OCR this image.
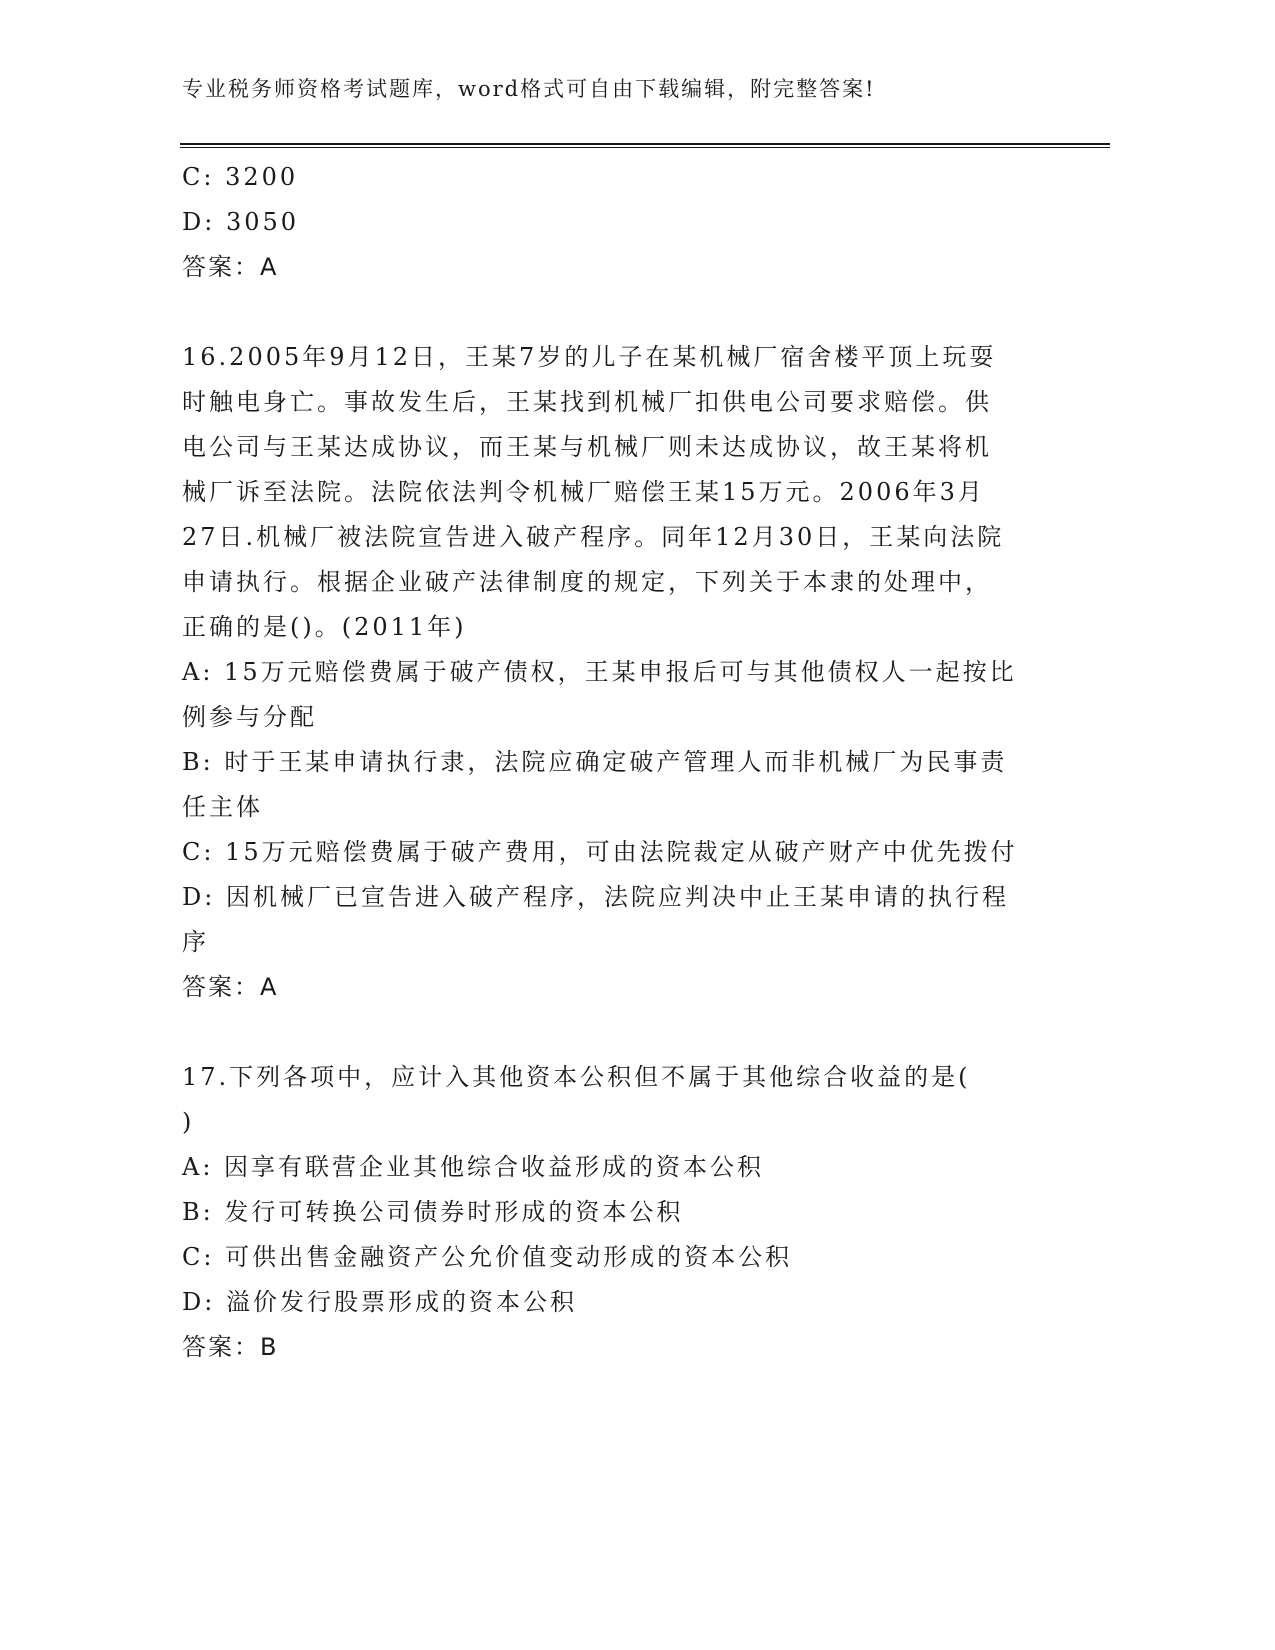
专业税务师资格考试题库，word格式可自由下载编辑，附完整答案!
C: 3200
D: 3050
答案：A
16.2005年9月12日，王某7岁的儿子在某机械厂宿舍楼平顶上玩耍
时触电身亡。事故发生后，王某找到机械厂扣供电公司要求赔偿。供
电公司与王某达成协议，而王某与机械厂则未达成协议，故王某将机
械厂诉至法院。法院依法判令机械厂赔偿王某15万元。2006年3月
27日.机械厂被法院宣告进入破产程序。同年12月30日，王某向法院
申请执行。根据企业破产法律制度的规定，下列关于本隶的处理中，
正确的是()。(2011年)
A: 15万元赔偿费属于破产债权，王某申报后可与其他债权人一起按比
例参与分配
B: 时于王某申请执行隶，法院应确定破产管理人而非机械厂为民事责
任主体
C: 15万元赔偿费属于破产费用，可由法院裁定从破产财产中优先拨付
D: 因机械厂已宣告进入破产程序，法院应判决中止王某申请的执行程
序
答案：A
17.下列各项中，应计入其他资本公积但不属于其他综合收益的是(
)
A: 因享有联营企业其他综合收益形成的资本公积
B: 发行可转换公司债券时形成的资本公积
C: 可供出售金融资产公允价值变动形成的资本公积
D: 溢价发行股票形成的资本公积
答案：B
